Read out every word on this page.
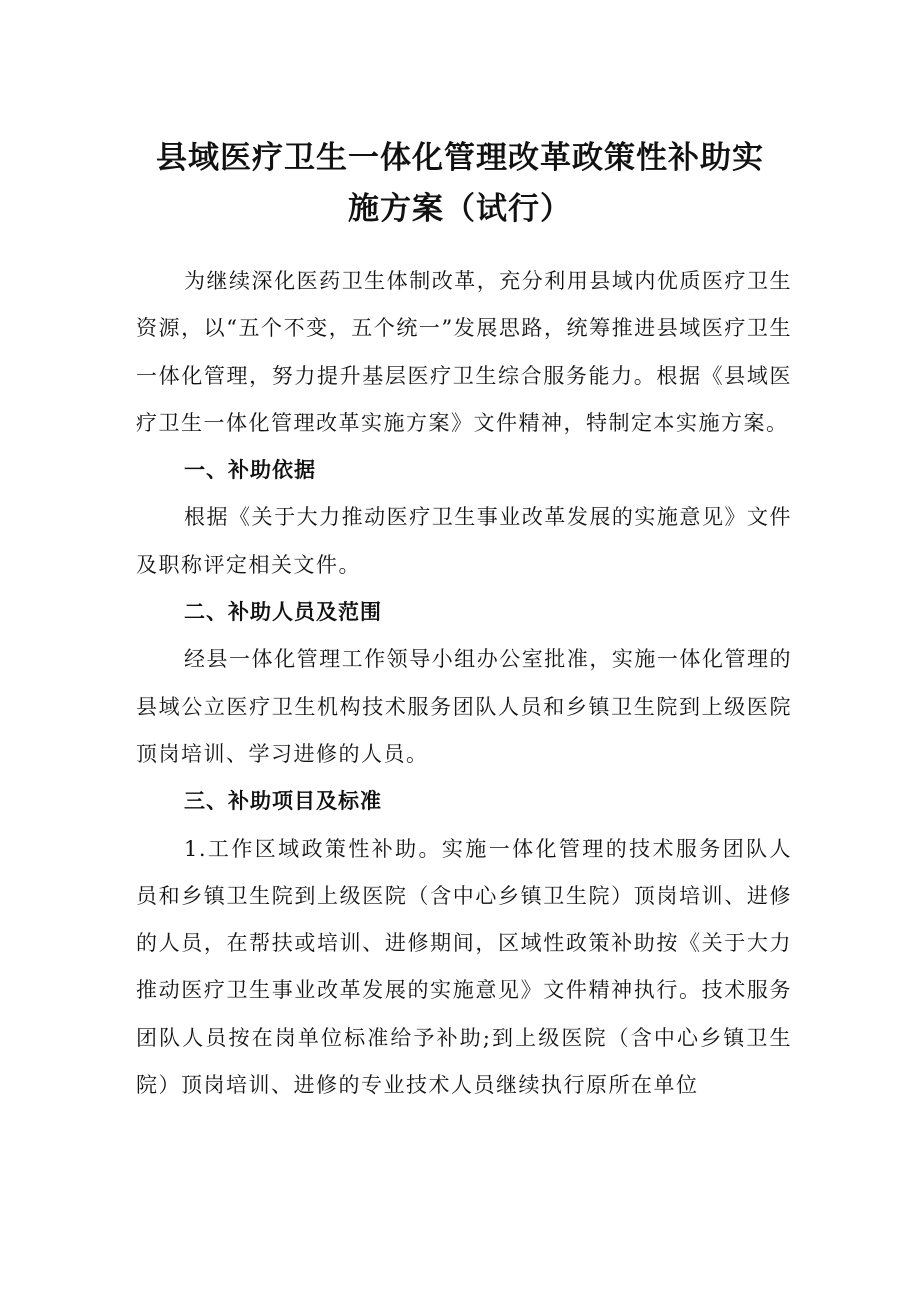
县域医疗卫生一体化管理改革政策性补助实
施方案（试行）

为继续深化医药卫生体制改革，充分利用县域内优质医疗卫生资源，以“五个不变，五个统一”发展思路，统筹推进县域医疗卫生一体化管理，努力提升基层医疗卫生综合服务能力。根据《县域医疗卫生一体化管理改革实施方案》文件精神，特制定本实施方案。

一、补助依据

根据《关于大力推动医疗卫生事业改革发展的实施意见》文件及职称评定相关文件。

二、补助人员及范围

经县一体化管理工作领导小组办公室批准，实施一体化管理的县域公立医疗卫生机构技术服务团队人员和乡镇卫生院到上级医院顶岗培训、学习进修的人员。

三、补助项目及标准

1.工作区域政策性补助。实施一体化管理的技术服务团队人员和乡镇卫生院到上级医院（含中心乡镇卫生院）顶岗培训、进修的人员，在帮扶或培训、进修期间，区域性政策补助按《关于大力推动医疗卫生事业改革发展的实施意见》文件精神执行。技术服务团队人员按在岗单位标准给予补助;到上级医院（含中心乡镇卫生院）顶岗培训、进修的专业技术人员继续执行原所在单位
